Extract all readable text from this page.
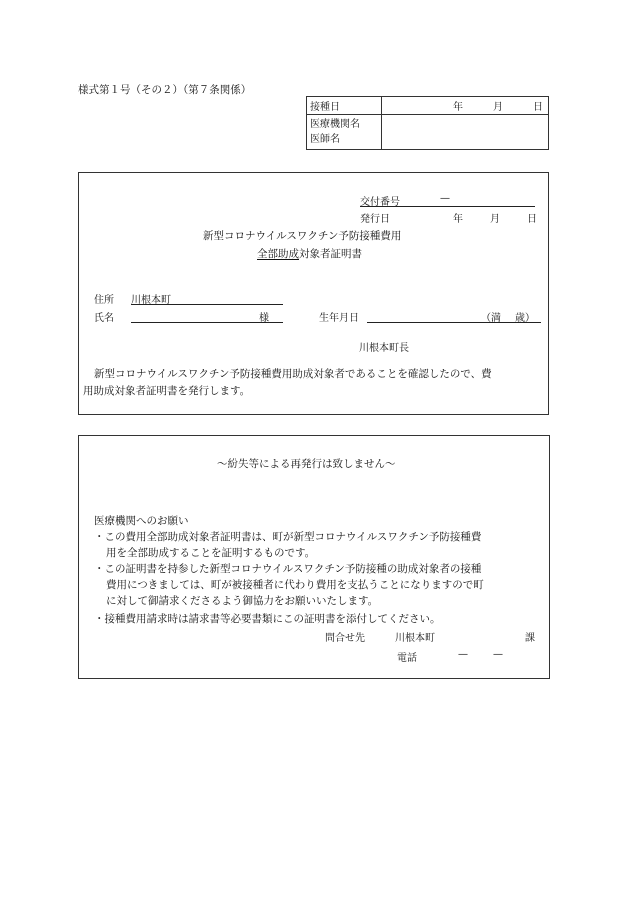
様式第１号（その２）（第７条関係）
接種日	年 月 日

医療機関名
医師名	

交付番号	—
発行日	年	月	日
新型コロナウイルスワクチン予防接種費用
全部助成対象者証明書
住所 川根本町
氏名	様	生年月日	（満 歳）
川根本町長
新型コロナウイルスワクチン予防接種費用助成対象者であることを確認したので、費
用助成対象者証明書を発行します。
〜紛失等による再発行は致しません〜
医療機関へのお願い
・この費用全部助成対象者証明書は、町が新型コロナウイルスワクチン予防接種費
用を全部助成することを証明するものです。
・この証明書を持参した新型コロナウイルスワクチン予防接種の助成対象者の接種
費用につきましては、町が被接種者に代わり費用を支払うことになりますので町
に対して御請求くださるよう御協力をお願いいたします。
・接種費用請求時は請求書等必要書類にこの証明書を添付してください。
問合せ先	川根本町	課
電話	—	—
